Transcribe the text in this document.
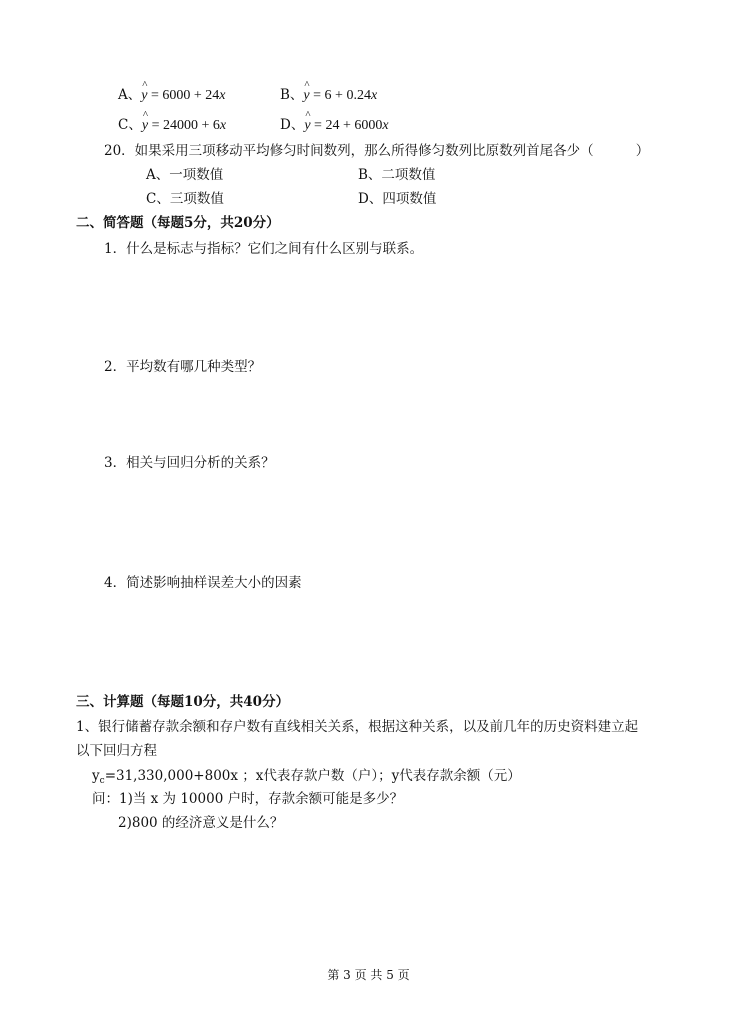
A、^ y = 6000 + 24x	B、^ y = 6 + 0.24x
C、^ y = 24000 + 6x	D、^ y = 24 + 6000x
20．如果采用三项移动平均修匀时间数列，那么所得修匀数列比原数列首尾各少（	）
A、一项数值	B、二项数值
C、三项数值	D、四项数值
二、简答题（每题5分，共20分）
1．什么是标志与指标？它们之间有什么区别与联系。
2．平均数有哪几种类型？
3．相关与回归分析的关系？
4．简述影响抽样误差大小的因素
三、计算题（每题10分，共40分）
1、银行储蓄存款余额和存户数有直线相关关系，根据这种关系，以及前几年的历史资料建立起
以下回归方程
$y_c=31,330,000+800x$ ；x代表存款户数（户）；y代表存款余额（元）
问：1)当 x 为 10000 户时，存款余额可能是多少？
2)800 的经济意义是什么？
第 3 页 共 5 页
